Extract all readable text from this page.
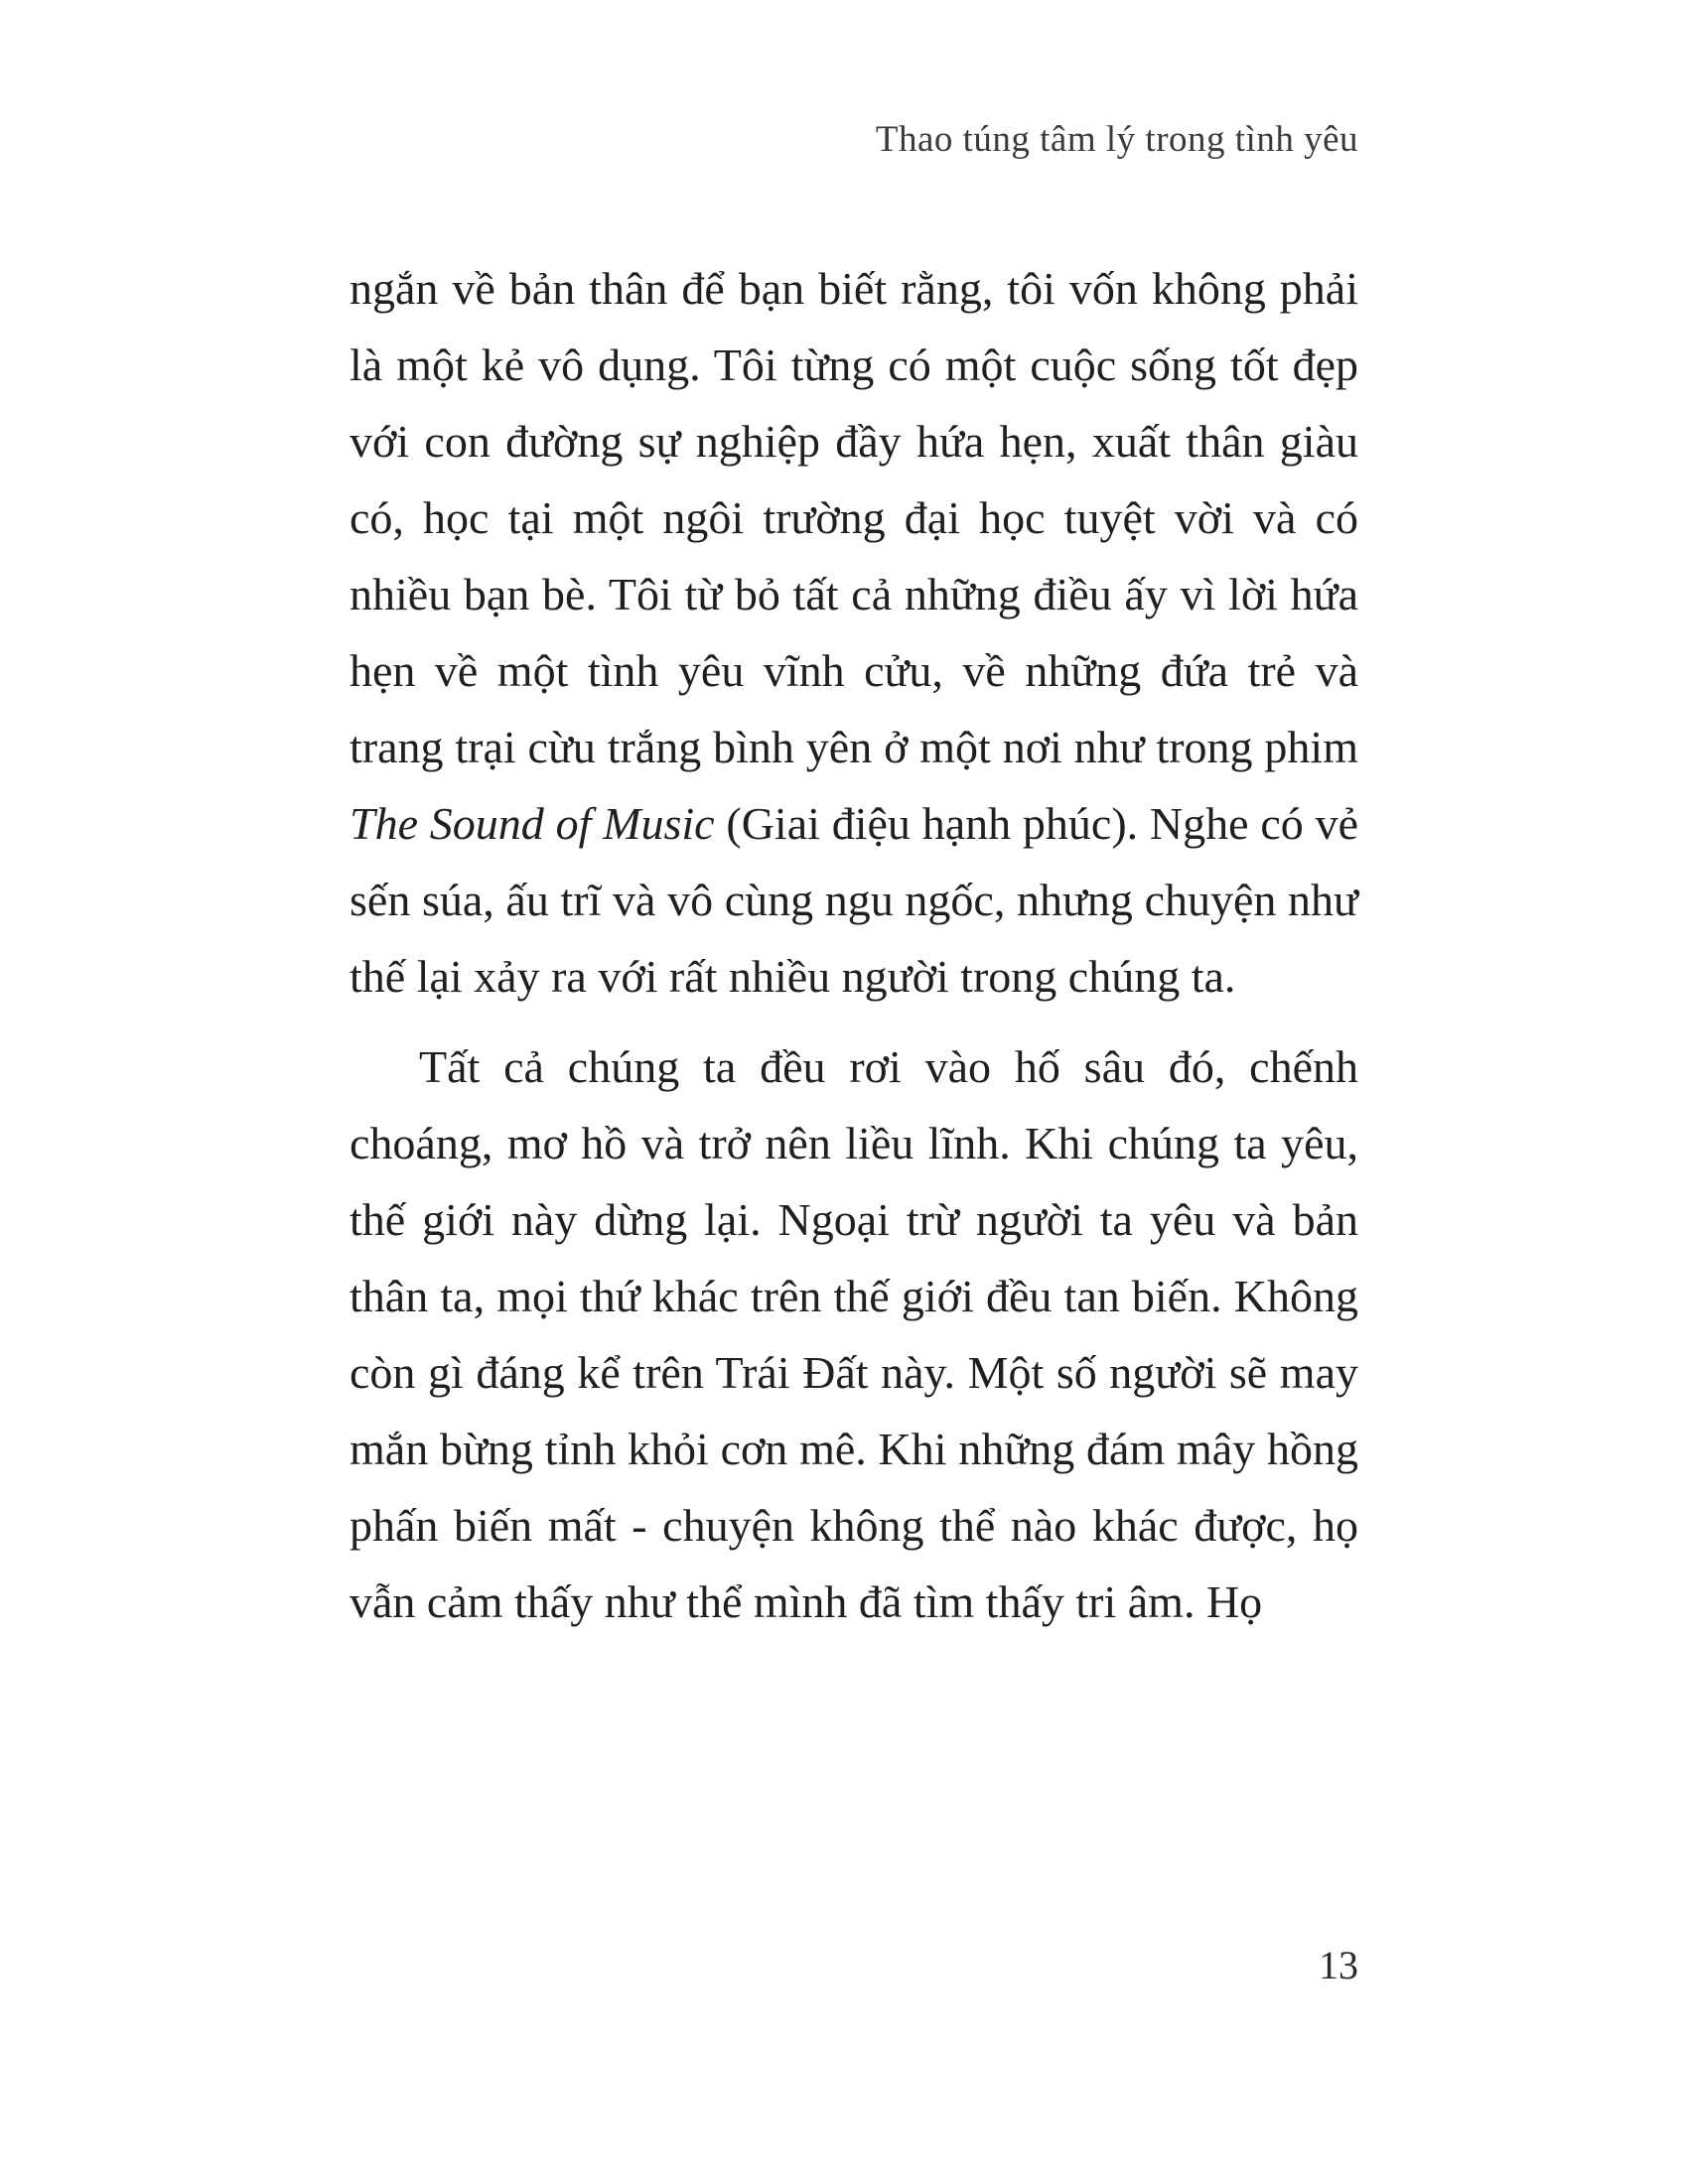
Thao túng tâm lý trong tình yêu

ngắn về bản thân để bạn biết rằng, tôi vốn không phải là một kẻ vô dụng. Tôi từng có một cuộc sống tốt đẹp với con đường sự nghiệp đầy hứa hẹn, xuất thân giàu có, học tại một ngôi trường đại học tuyệt vời và có nhiều bạn bè. Tôi từ bỏ tất cả những điều ấy vì lời hứa hẹn về một tình yêu vĩnh cửu, về những đứa trẻ và trang trại cừu trắng bình yên ở một nơi như trong phim The Sound of Music (Giai điệu hạnh phúc). Nghe có vẻ sến súa, ấu trĩ và vô cùng ngu ngốc, nhưng chuyện như thế lại xảy ra với rất nhiều người trong chúng ta.

Tất cả chúng ta đều rơi vào hố sâu đó, chếnh choáng, mơ hồ và trở nên liều lĩnh. Khi chúng ta yêu, thế giới này dừng lại. Ngoại trừ người ta yêu và bản thân ta, mọi thứ khác trên thế giới đều tan biến. Không còn gì đáng kể trên Trái Đất này. Một số người sẽ may mắn bừng tỉnh khỏi cơn mê. Khi những đám mây hồng phấn biến mất - chuyện không thể nào khác được, họ vẫn cảm thấy như thể mình đã tìm thấy tri âm. Họ

13
